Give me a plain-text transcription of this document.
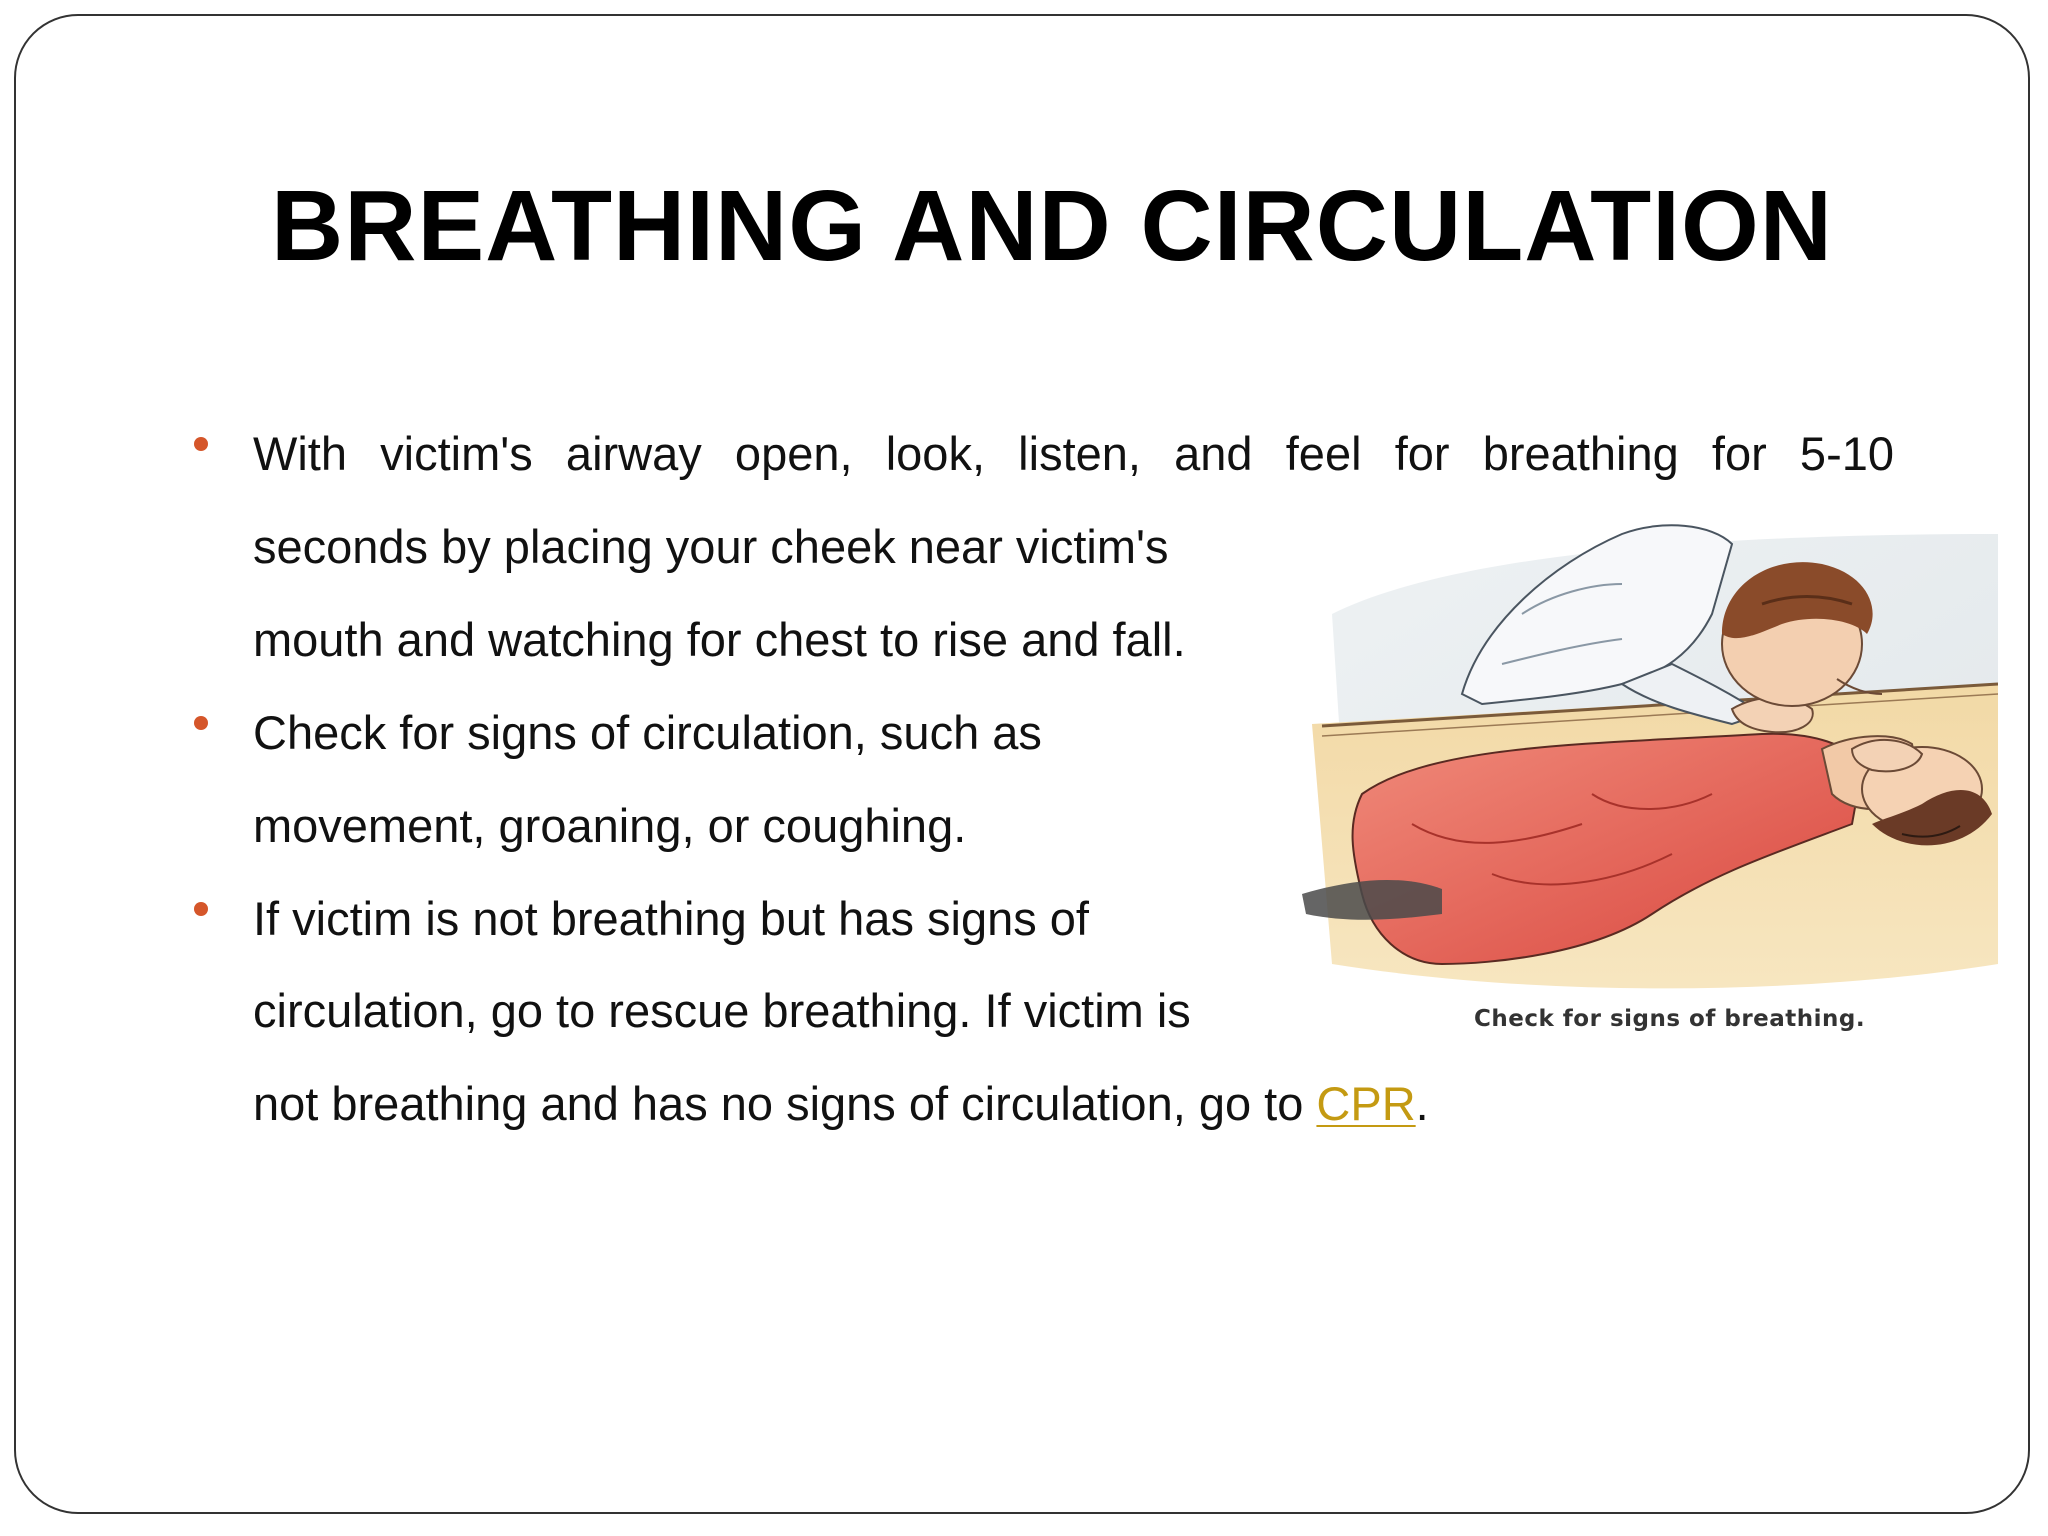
BREATHING AND CIRCULATION
With victim's airway open, look, listen, and feel for breathing for 5-10
seconds by placing your cheek near victim's
mouth and watching for chest to rise and fall.
Check for signs of circulation, such as
movement, groaning, or coughing.
If victim is not breathing but has signs of
circulation, go to rescue breathing. If victim is
not breathing and has no signs of circulation, go to CPR.
Check for signs of breathing.
